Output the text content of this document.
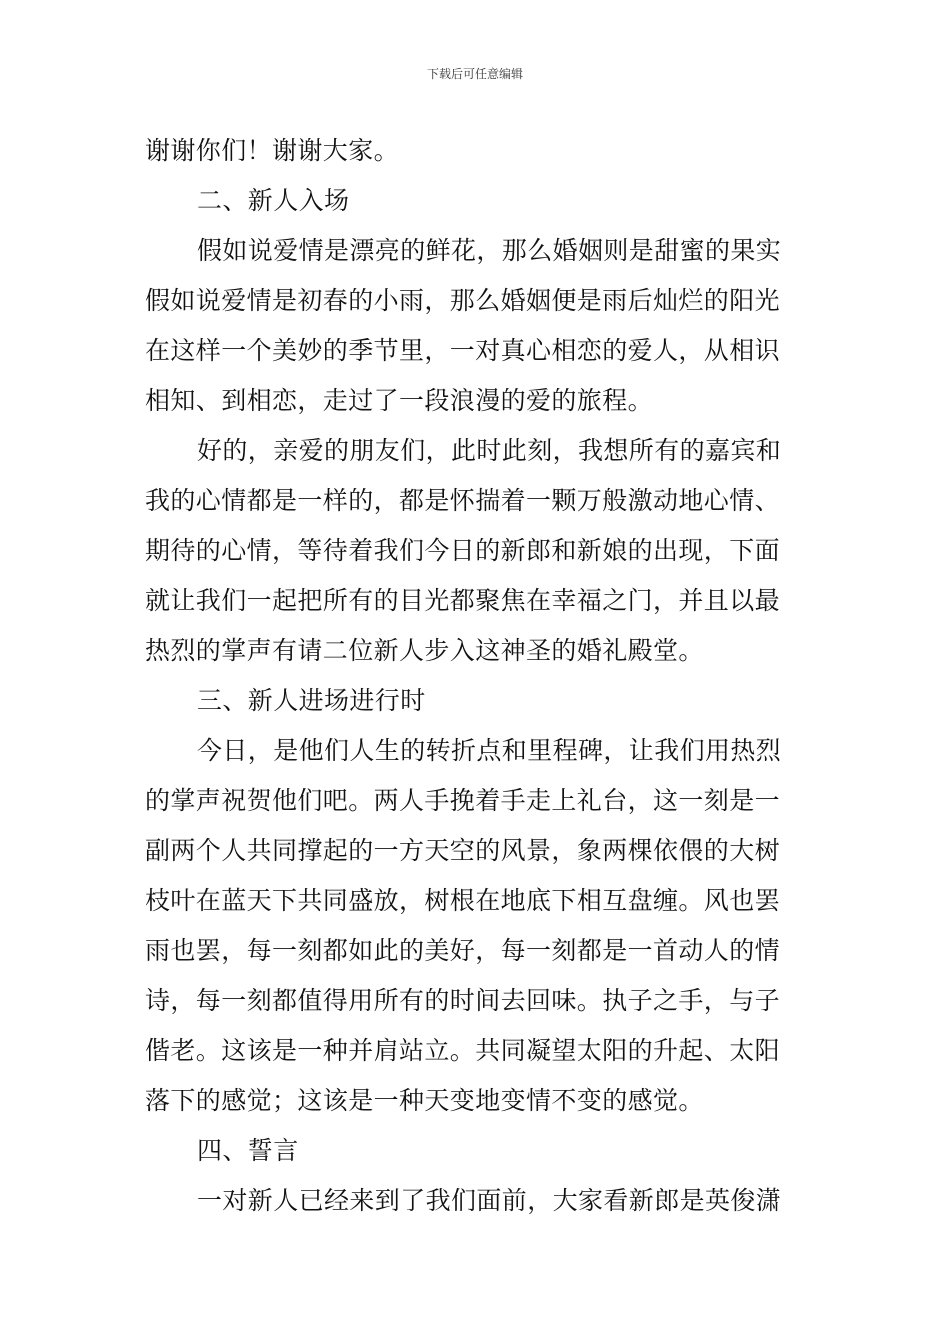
下载后可任意编辑
谢谢你们！谢谢大家。
二、新人入场
假如说爱情是漂亮的鲜花，那么婚姻则是甜蜜的果实
假如说爱情是初春的小雨，那么婚姻便是雨后灿烂的阳光
在这样一个美妙的季节里，一对真心相恋的爱人，从相识
相知、到相恋，走过了一段浪漫的爱的旅程。
好的，亲爱的朋友们，此时此刻，我想所有的嘉宾和
我的心情都是一样的，都是怀揣着一颗万般激动地心情、
期待的心情，等待着我们今日的新郎和新娘的出现，下面
就让我们一起把所有的目光都聚焦在幸福之门，并且以最
热烈的掌声有请二位新人步入这神圣的婚礼殿堂。
三、新人进场进行时
今日，是他们人生的转折点和里程碑，让我们用热烈
的掌声祝贺他们吧。两人手挽着手走上礼台，这一刻是一
副两个人共同撑起的一方天空的风景，象两棵依偎的大树
枝叶在蓝天下共同盛放，树根在地底下相互盘缠。风也罢
雨也罢，每一刻都如此的美好，每一刻都是一首动人的情
诗，每一刻都值得用所有的时间去回味。执子之手，与子
偕老。这该是一种并肩站立。共同凝望太阳的升起、太阳
落下的感觉；这该是一种天变地变情不变的感觉。
四、誓言
一对新人已经来到了我们面前，大家看新郎是英俊潇
